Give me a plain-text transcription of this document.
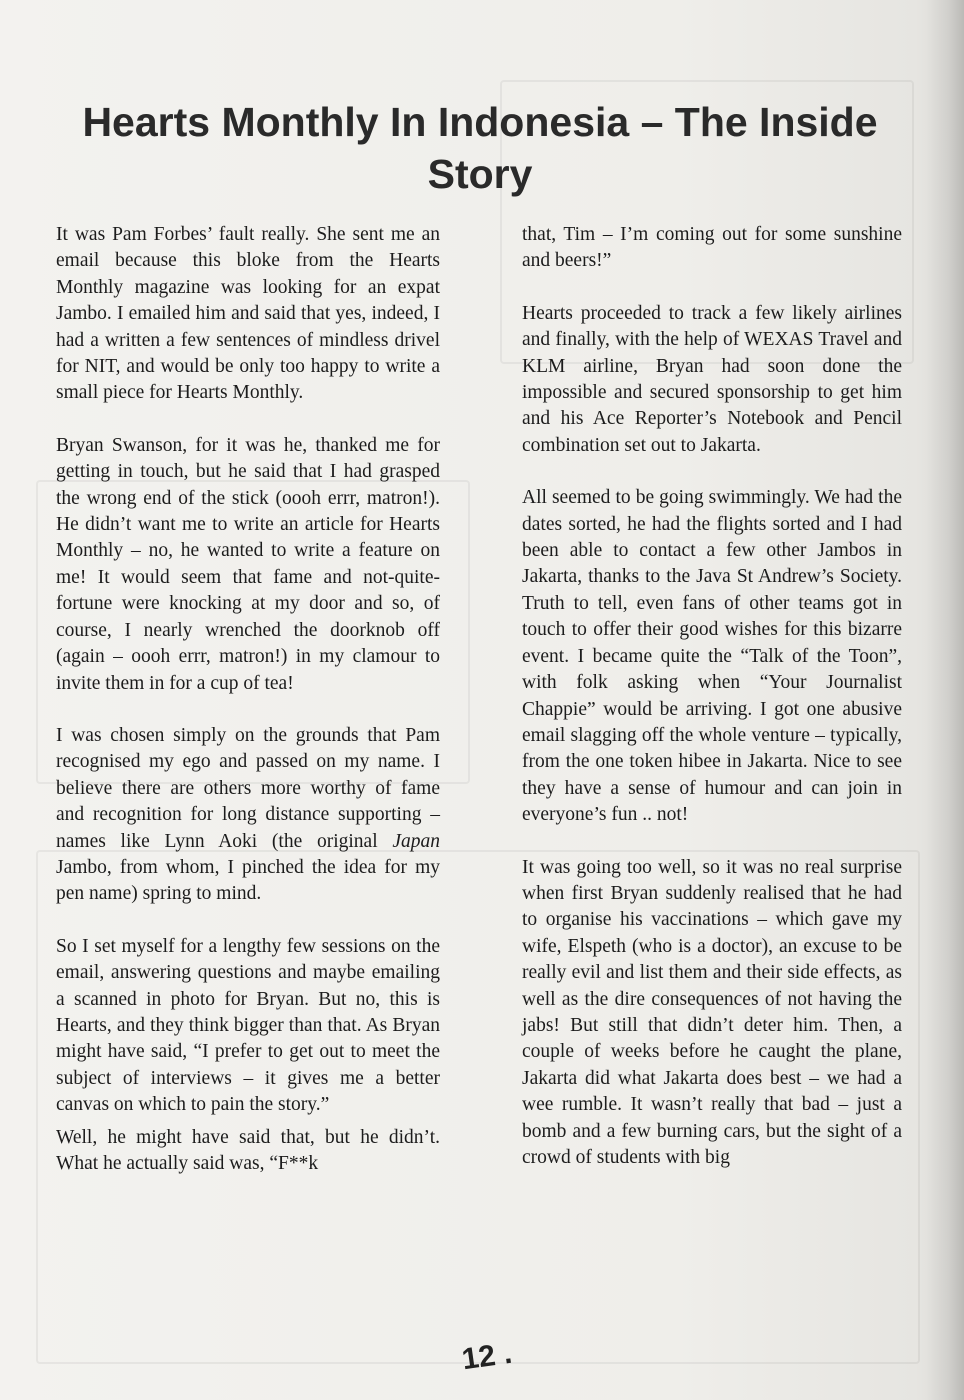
Hearts Monthly In Indonesia – The Inside Story

It was Pam Forbes’ fault really. She sent me an email because this bloke from the Hearts Monthly magazine was looking for an expat Jambo. I emailed him and said that yes, indeed, I had a written a few sentences of mindless drivel for NIT, and would be only too happy to write a small piece for Hearts Monthly.

Bryan Swanson, for it was he, thanked me for getting in touch, but he said that I had grasped the wrong end of the stick (oooh errr, matron!). He didn’t want me to write an article for Hearts Monthly – no, he wanted to write a feature on me! It would seem that fame and not-quite-fortune were knocking at my door and so, of course, I nearly wrenched the doorknob off (again – oooh errr, matron!) in my clamour to invite them in for a cup of tea!

I was chosen simply on the grounds that Pam recognised my ego and passed on my name. I believe there are others more worthy of fame and recognition for long distance supporting – names like Lynn Aoki (the original Japan Jambo, from whom, I pinched the idea for my pen name) spring to mind.

So I set myself for a lengthy few sessions on the email, answering questions and maybe emailing a scanned in photo for Bryan. But no, this is Hearts, and they think bigger than that. As Bryan might have said, “I prefer to get out to meet the subject of interviews – it gives me a better canvas on which to pain the story.”

Well, he might have said that, but he didn’t. What he actually said was, “F**k

that, Tim – I’m coming out for some sunshine and beers!”

Hearts proceeded to track a few likely airlines and finally, with the help of WEXAS Travel and KLM airline, Bryan had soon done the impossible and secured sponsorship to get him and his Ace Reporter’s Notebook and Pencil combination set out to Jakarta.

All seemed to be going swimmingly. We had the dates sorted, he had the flights sorted and I had been able to contact a few other Jambos in Jakarta, thanks to the Java St Andrew’s Society. Truth to tell, even fans of other teams got in touch to offer their good wishes for this bizarre event. I became quite the “Talk of the Toon”, with folk asking when “Your Journalist Chappie” would be arriving. I got one abusive email slagging off the whole venture – typically, from the one token hibee in Jakarta. Nice to see they have a sense of humour and can join in everyone’s fun .. not!

It was going too well, so it was no real surprise when first Bryan suddenly realised that he had to organise his vaccinations – which gave my wife, Elspeth (who is a doctor), an excuse to be really evil and list them and their side effects, as well as the dire consequences of not having the jabs! But still that didn’t deter him. Then, a couple of weeks before he caught the plane, Jakarta did what Jakarta does best – we had a wee rumble. It wasn’t really that bad – just a bomb and a few burning cars, but the sight of a crowd of students with big

12 .
